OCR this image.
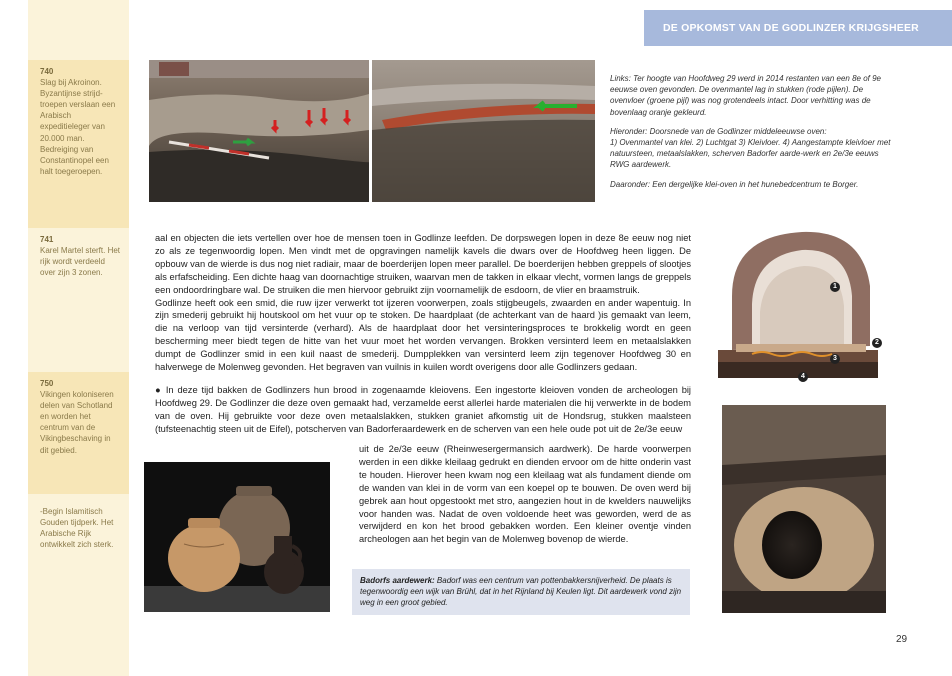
740
Slag bij Akroinon. Byzantijnse strijd-troepen verslaan een Arabisch expeditieleger van 20.000 man. Bedreiging van Constantinopel een halt toegeroepen.
741
Karel Martel sterft. Het rijk wordt verdeeld over zijn 3 zonen.
750
Vikingen koloniseren delen van Schotland en worden het centrum van de Vikingbeschaving in dit gebied.
-Begin Islamitisch Gouden tijdperk. Het Arabische Rijk ontwikkelt zich sterk.
DE OPKOMST VAN DE GODLINZER KRIJGSHEER

Links: Ter hoogte van Hoofdweg 29 werd in 2014 restanten van een 8e of 9e eeuwse oven gevonden. De ovenmantel lag in stukken (rode pijlen). De ovenvloer (groene pijl) was nog grotendeels intact. Door verhitting was de bovenlaag oranje gekleurd.

Hieronder: Doorsnede van de Godlinzer middeleeuwse oven:
1) Ovenmantel van klei. 2) Luchtgat 3) Kleivloer. 4) Aangestampte kleivloer met natuursteen, metaalslakken, scherven Badorfer aarde-werk en 2e/3e eeuws RWG aardewerk.

Daaronder: Een dergelijke klei-oven in het hunebedcentrum te Borger.

aal en objecten die iets vertellen over hoe de mensen toen in Godlinze leefden. De dorpswegen lopen in deze 8e eeuw nog niet zo als ze tegenwoordig lopen. Men vindt met de opgravingen namelijk kavels die dwars over de Hoofdweg heen liggen. De opbouw van de wierde is dus nog niet radiair, maar de boerderijen lopen meer parallel. De boerderijen hebben greppels of slootjes als erfafscheiding. Een dichte haag van doornachtige struiken, waarvan men de takken in elkaar vlecht, vormen langs de greppels een ondoordringbare wal. De struiken die men hiervoor gebruikt zijn voornamelijk de esdoorn, de vlier en braamstruik.

Godlinze heeft ook een smid, die ruw ijzer verwerkt tot ijzeren voorwerpen, zoals stijgbeugels, zwaarden en ander wapentuig. In zijn smederij gebruikt hij houtskool om het vuur op te stoken. De haardplaat (de achterkant van de haard )is gemaakt van leem, die na verloop van tijd versinterde (verhard). Als de haardplaat door het versinteringsproces te brokkelig wordt en geen bescherming meer biedt tegen de hitte van het vuur moet het worden vervangen. Brokken versinterd leem en metaalslakken dumpt de Godlinzer smid in een kuil naast de smederij. Dumpplekken van versinterd leem zijn tegenover Hoofdweg 30 en halverwege de Molenweg gevonden. Het begraven van vuilnis in kuilen wordt overigens door alle Godlinzers gedaan.

● In deze tijd bakken de Godlinzers hun brood in zogenaamde kleiovens. Een ingestorte kleioven vonden de archeologen bij Hoofdweg 29. De Godlinzer die deze oven gemaakt had, verzamelde eerst allerlei harde materialen die hij verwerkte in de bodem van de oven. Hij gebruikte voor deze oven metaalslakken, stukken graniet afkomstig uit de Hondsrug, stukken maalsteen (tufsteenachtig steen uit de Eifel), potscherven van Badorferaardewerk en de scherven van een hele oude pot uit de 2e/3e eeuw

uit de 2e/3e eeuw (Rheinwesergermansich aardwerk). De harde voorwerpen werden in een dikke kleilaag gedrukt en dienden ervoor om de hitte onderin vast te houden. Hierover heen kwam nog een kleilaag wat als fundament diende om de wanden van klei in de vorm van een koepel op te bouwen. De oven werd bij gebrek aan hout opgestookt met stro, aangezien hout in de kwelders nauwelijks voor handen was. Nadat de oven voldoende heet was geworden, werd de as verwijderd en kon het brood gebakken worden. Een kleiner oventje vinden archeologen aan het begin van de Molenweg bovenop de wierde.

1
2
3
4
Badorfs aardewerk: Badorf was een centrum van pottenbakkersnijverheid. De plaats is tegenwoordig een wijk van Brühl, dat in het Rijnland bij Keulen ligt. Dit aardewerk vond zijn weg in een groot gebied.
29
